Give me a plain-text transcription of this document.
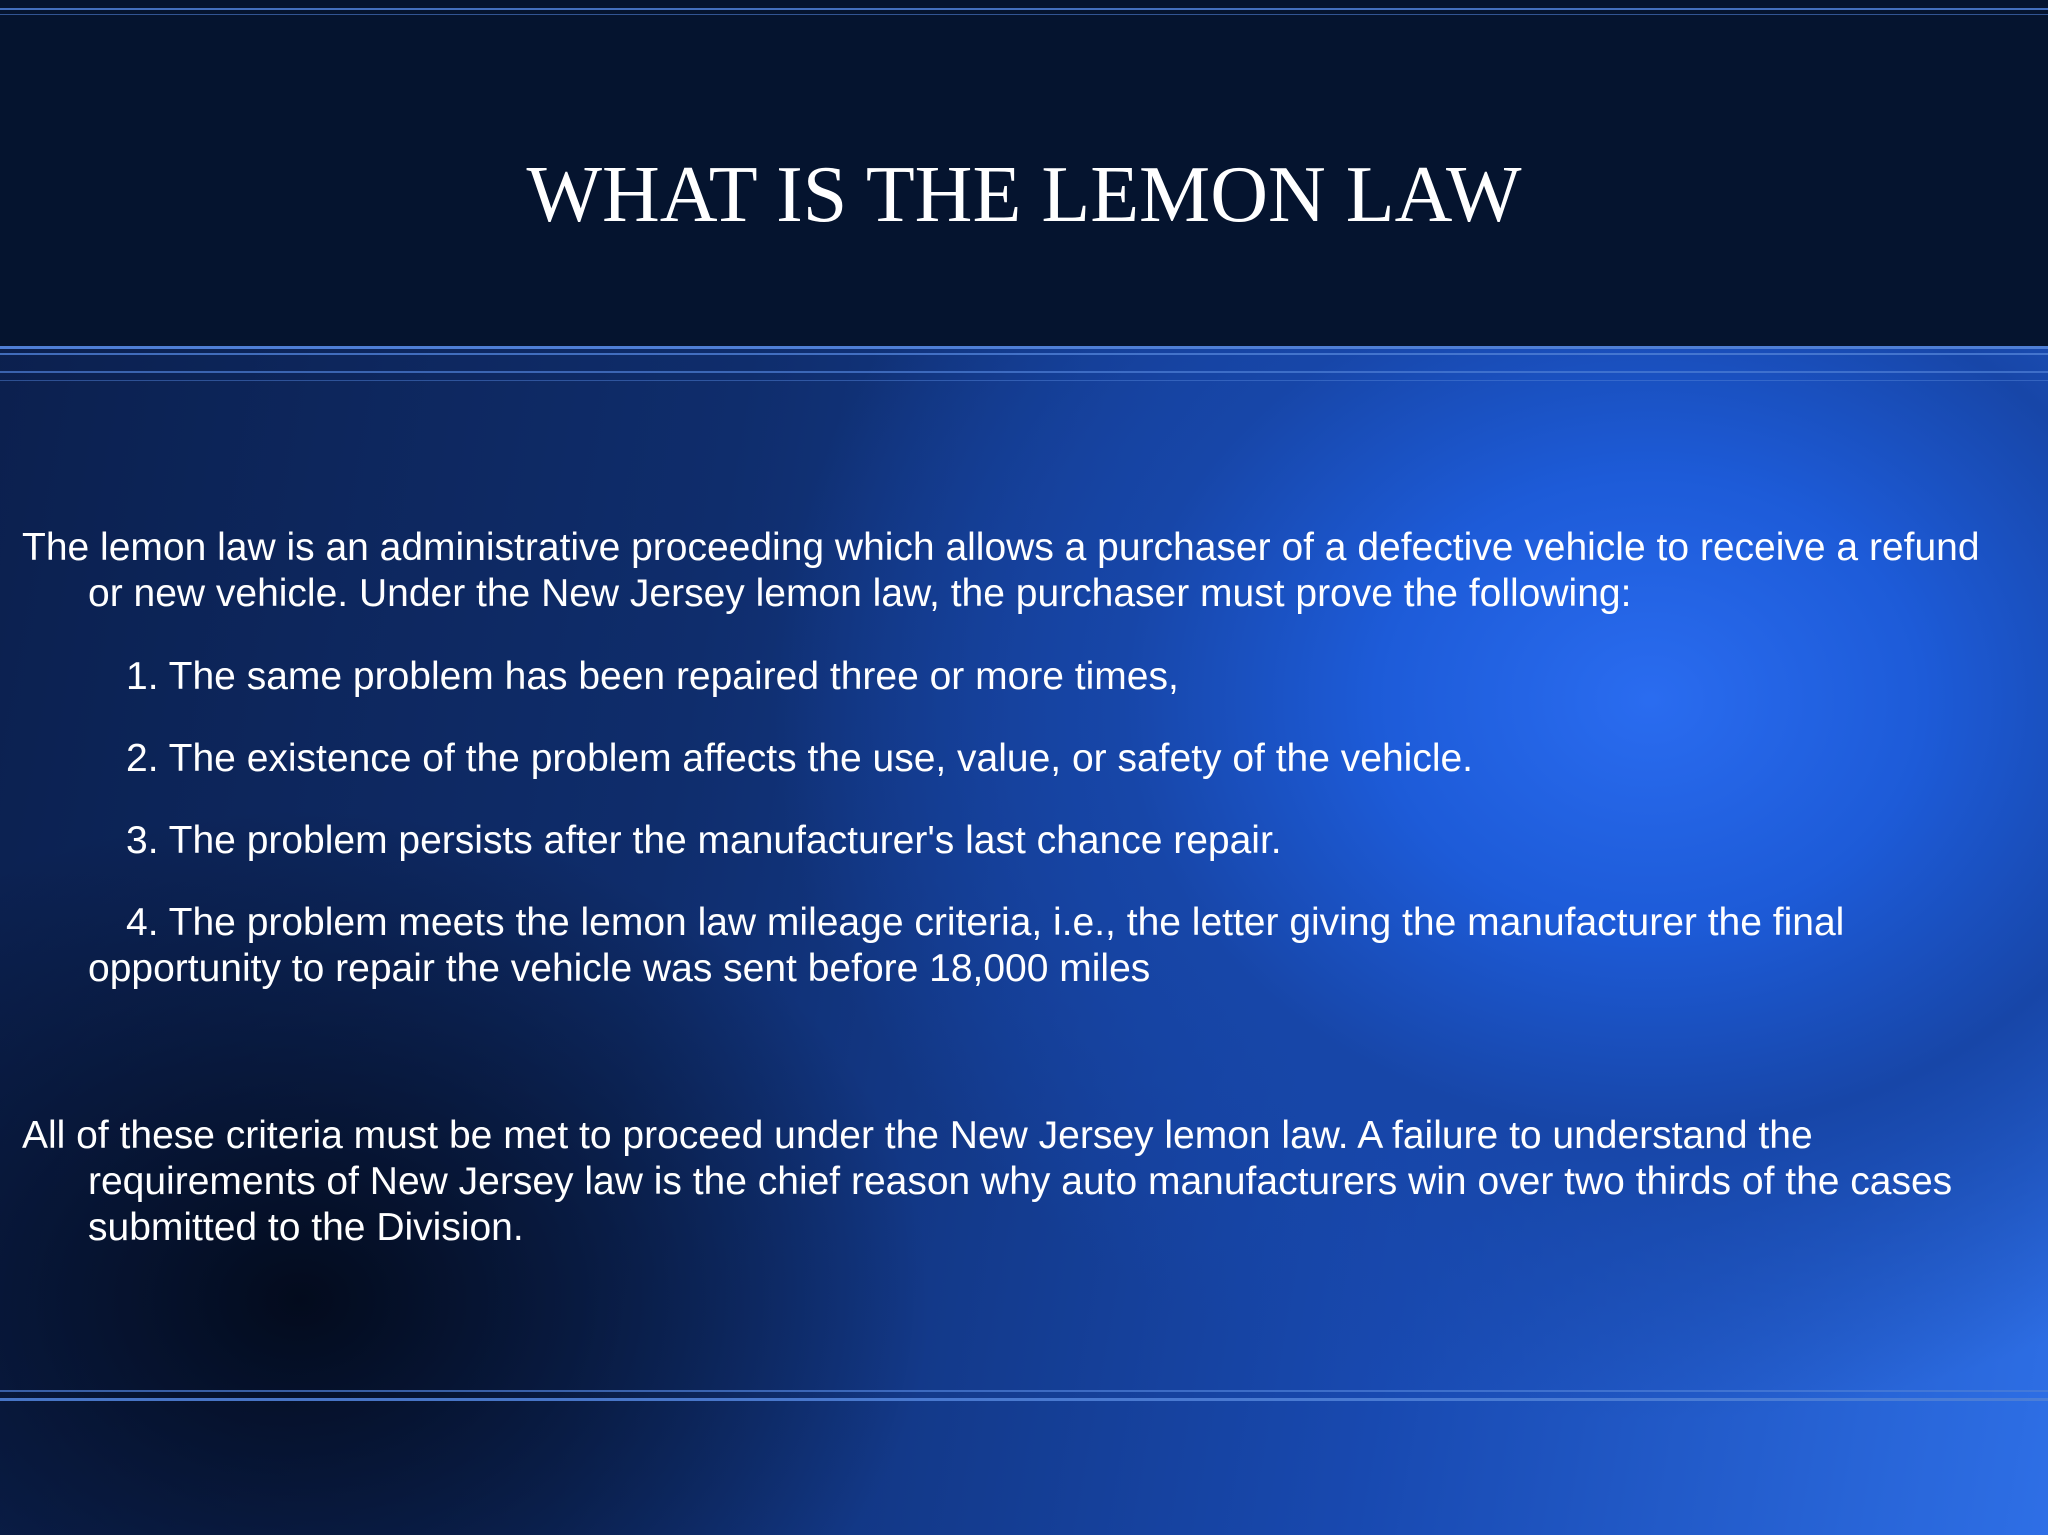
WHAT IS THE LEMON LAW
The lemon law is an administrative proceeding which allows a purchaser of a defective vehicle to receive a refund or new vehicle. Under the New Jersey lemon law, the purchaser must prove the following:
1. The same problem has been repaired three or more times,
2. The existence of the problem affects the use, value, or safety of the vehicle.
3. The problem persists after the manufacturer's last chance repair.
4. The problem meets the lemon law mileage criteria, i.e., the letter giving the manufacturer the final opportunity to repair the vehicle was sent before 18,000 miles
All of these criteria must be met to proceed under the New Jersey lemon law. A failure to understand the requirements of New Jersey law is the chief reason why auto manufacturers win over two thirds of the cases submitted to the Division.
